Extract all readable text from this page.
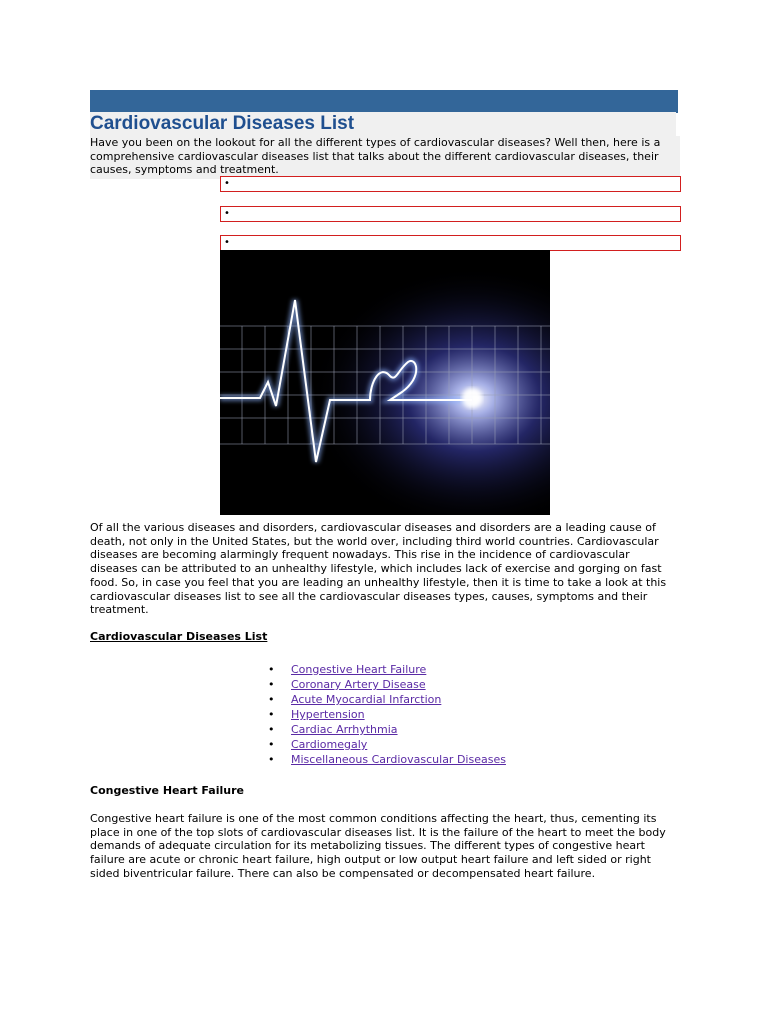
Cardiovascular Diseases List
Have you been on the lookout for all the different types of cardiovascular diseases? Well then, here is a comprehensive cardiovascular diseases list that talks about the different cardiovascular diseases, their causes, symptoms and treatment.
•
•
•
Of all the various diseases and disorders, cardiovascular diseases and disorders are a leading cause of death, not only in the United States, but the world over, including third world countries. Cardiovascular diseases are becoming alarmingly frequent nowadays. This rise in the incidence of cardiovascular diseases can be attributed to an unhealthy lifestyle, which includes lack of exercise and gorging on fast food. So, in case you feel that you are leading an unhealthy lifestyle, then it is time to take a look at this cardiovascular diseases list to see all the cardiovascular diseases types, causes, symptoms and their treatment.
Cardiovascular Diseases List
• Congestive Heart Failure
• Coronary Artery Disease
• Acute Myocardial Infarction
• Hypertension
• Cardiac Arrhythmia
• Cardiomegaly
• Miscellaneous Cardiovascular Diseases
Congestive Heart Failure
Congestive heart failure is one of the most common conditions affecting the heart, thus, cementing its place in one of the top slots of cardiovascular diseases list. It is the failure of the heart to meet the body demands of adequate circulation for its metabolizing tissues. The different types of congestive heart failure are acute or chronic heart failure, high output or low output heart failure and left sided or right sided biventricular failure. There can also be compensated or decompensated heart failure.
